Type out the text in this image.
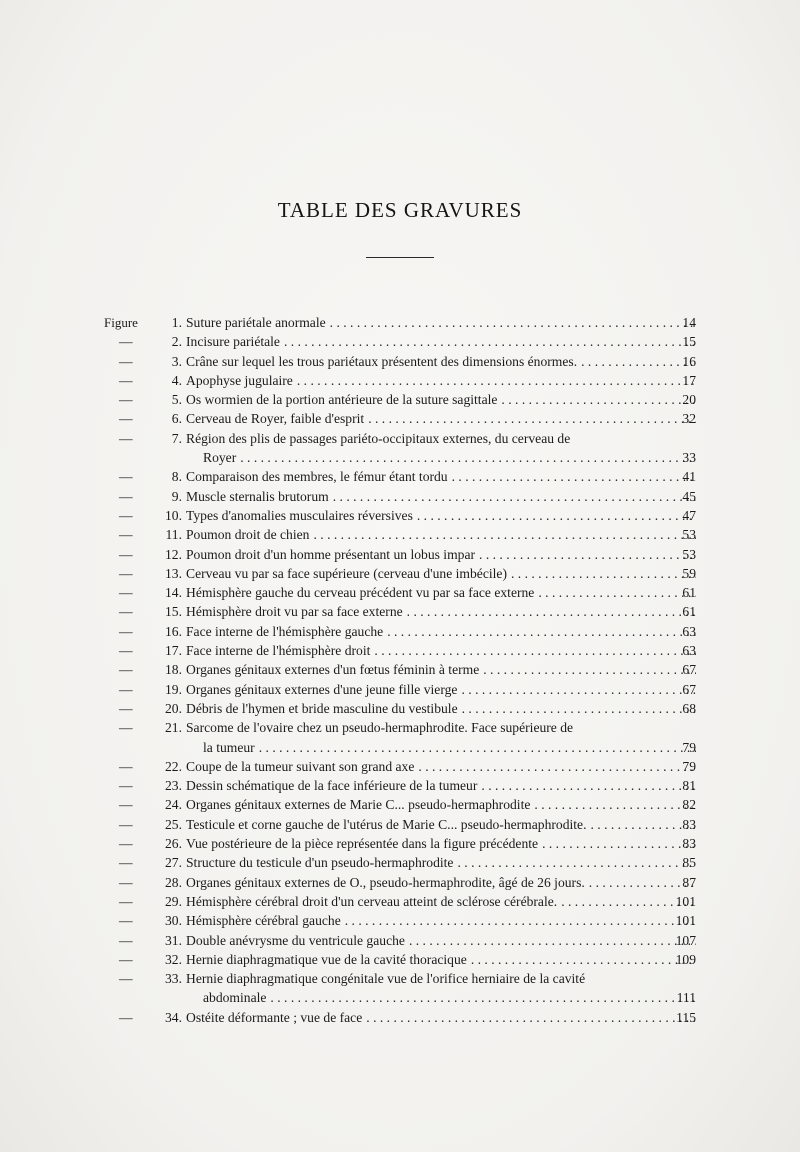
TABLE DES GRAVURES
Figure	1. Suture pariétale anormale . . .	14
—	2. Incisure pariétale . . .	15
—	3. Crâne sur lequel les trous pariétaux présentent des dimensions énormes. . . .	16
—	4. Apophyse jugulaire . . .	17
—	5. Os wormien de la portion antérieure de la suture sagittale . . .	20
—	6. Cerveau de Royer, faible d'esprit . . .	32
—	7. Région des plis de passages pariéto-occipitaux externes, du cerveau de
Royer . . .	33
—	8. Comparaison des membres, le fémur étant tordu . . .	41
—	9. Muscle sternalis brutorum . . .	45
—	10. Types d'anomalies musculaires réversives . . .	47
—	11. Poumon droit de chien . . .	53
—	12. Poumon droit d'un homme présentant un lobus impar . . .	53
—	13. Cerveau vu par sa face supérieure (cerveau d'une imbécile) . . .	59
—	14. Hémisphère gauche du cerveau précédent vu par sa face externe . . .	61
—	15. Hémisphère droit vu par sa face externe . . .	61
—	16. Face interne de l'hémisphère gauche . . .	63
—	17. Face interne de l'hémisphère droit . . .	63
—	18. Organes génitaux externes d'un fœtus féminin à terme . . .	67
—	19. Organes génitaux externes d'une jeune fille vierge . . .	67
—	20. Débris de l'hymen et bride masculine du vestibule . . .	68
—	21. Sarcome de l'ovaire chez un pseudo-hermaphrodite. Face supérieure de
la tumeur . . .	79
—	22. Coupe de la tumeur suivant son grand axe . . .	79
—	23. Dessin schématique de la face inférieure de la tumeur . . .	81
—	24. Organes génitaux externes de Marie C... pseudo-hermaphrodite . . .	82
—	25. Testicule et corne gauche de l'utérus de Marie C... pseudo-hermaphrodite. . . .	83
—	26. Vue postérieure de la pièce représentée dans la figure précédente . . .	83
—	27. Structure du testicule d'un pseudo-hermaphrodite . . .	85
—	28. Organes génitaux externes de O., pseudo-hermaphrodite, âgé de 26 jours. . . .	87
—	29. Hémisphère cérébral droit d'un cerveau atteint de sclérose cérébrale. . . .	101
—	30. Hémisphère cérébral gauche . . .	101
—	31. Double anévrysme du ventricule gauche . . .	107
—	32. Hernie diaphragmatique vue de la cavité thoracique . . .	109
—	33. Hernie diaphragmatique congénitale vue de l'orifice herniaire de la cavité
abdominale . . .	111
—	34. Ostéite déformante ; vue de face . . .	115
